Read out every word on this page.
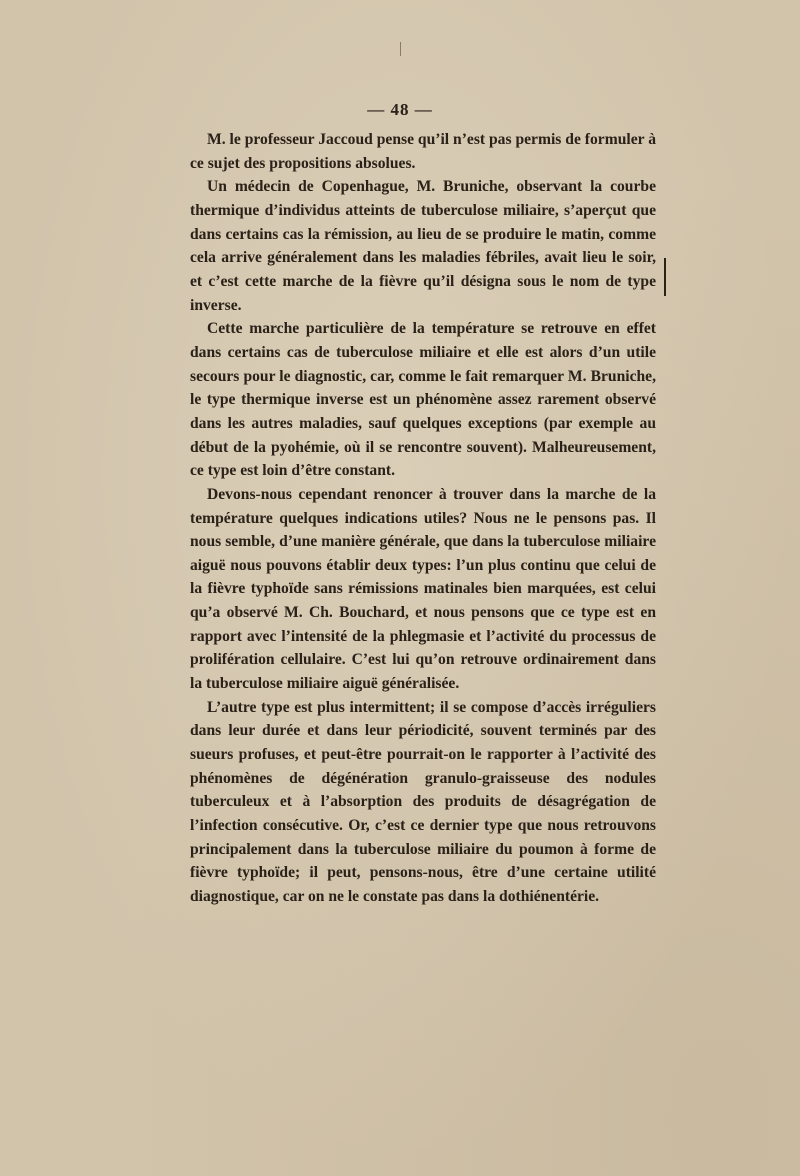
— 48 —

M. le professeur Jaccoud pense qu’il n’est pas permis de formuler à ce sujet des propositions absolues.

Un médecin de Copenhague, M. Bruniche, observant la courbe thermique d’individus atteints de tuberculose miliaire, s’aperçut que dans certains cas la rémission, au lieu de se produire le matin, comme cela arrive généralement dans les maladies fébriles, avait lieu le soir, et c’est cette marche de la fièvre qu’il désigna sous le nom de type inverse.

Cette marche particulière de la température se retrouve en effet dans certains cas de tuberculose miliaire et elle est alors d’un utile secours pour le diagnostic, car, comme le fait remarquer M. Bruniche, le type thermique inverse est un phénomène assez rarement observé dans les autres maladies, sauf quelques exceptions (par exemple au début de la pyohémie, où il se rencontre souvent). Malheureusement, ce type est loin d’être constant.

Devons-nous cependant renoncer à trouver dans la marche de la température quelques indications utiles? Nous ne le pensons pas. Il nous semble, d’une manière générale, que dans la tuberculose miliaire aiguë nous pouvons établir deux types: l’un plus continu que celui de la fièvre typhoïde sans rémissions matinales bien marquées, est celui qu’a observé M. Ch. Bouchard, et nous pensons que ce type est en rapport avec l’intensité de la phlegmasie et l’activité du processus de prolifération cellulaire. C’est lui qu’on retrouve ordinairement dans la tuberculose miliaire aiguë généralisée.

L’autre type est plus intermittent; il se compose d’accès irréguliers dans leur durée et dans leur périodicité, souvent terminés par des sueurs profuses, et peut-être pourrait-on le rapporter à l’activité des phénomènes de dégénération granulo-graisseuse des nodules tuberculeux et à l’absorption des produits de désagrégation de l’infection consécutive. Or, c’est ce dernier type que nous retrouvons principalement dans la tuberculose miliaire du poumon à forme de fièvre typhoïde; il peut, pensons-nous, être d’une certaine utilité diagnostique, car on ne le constate pas dans la dothiénentérie.
